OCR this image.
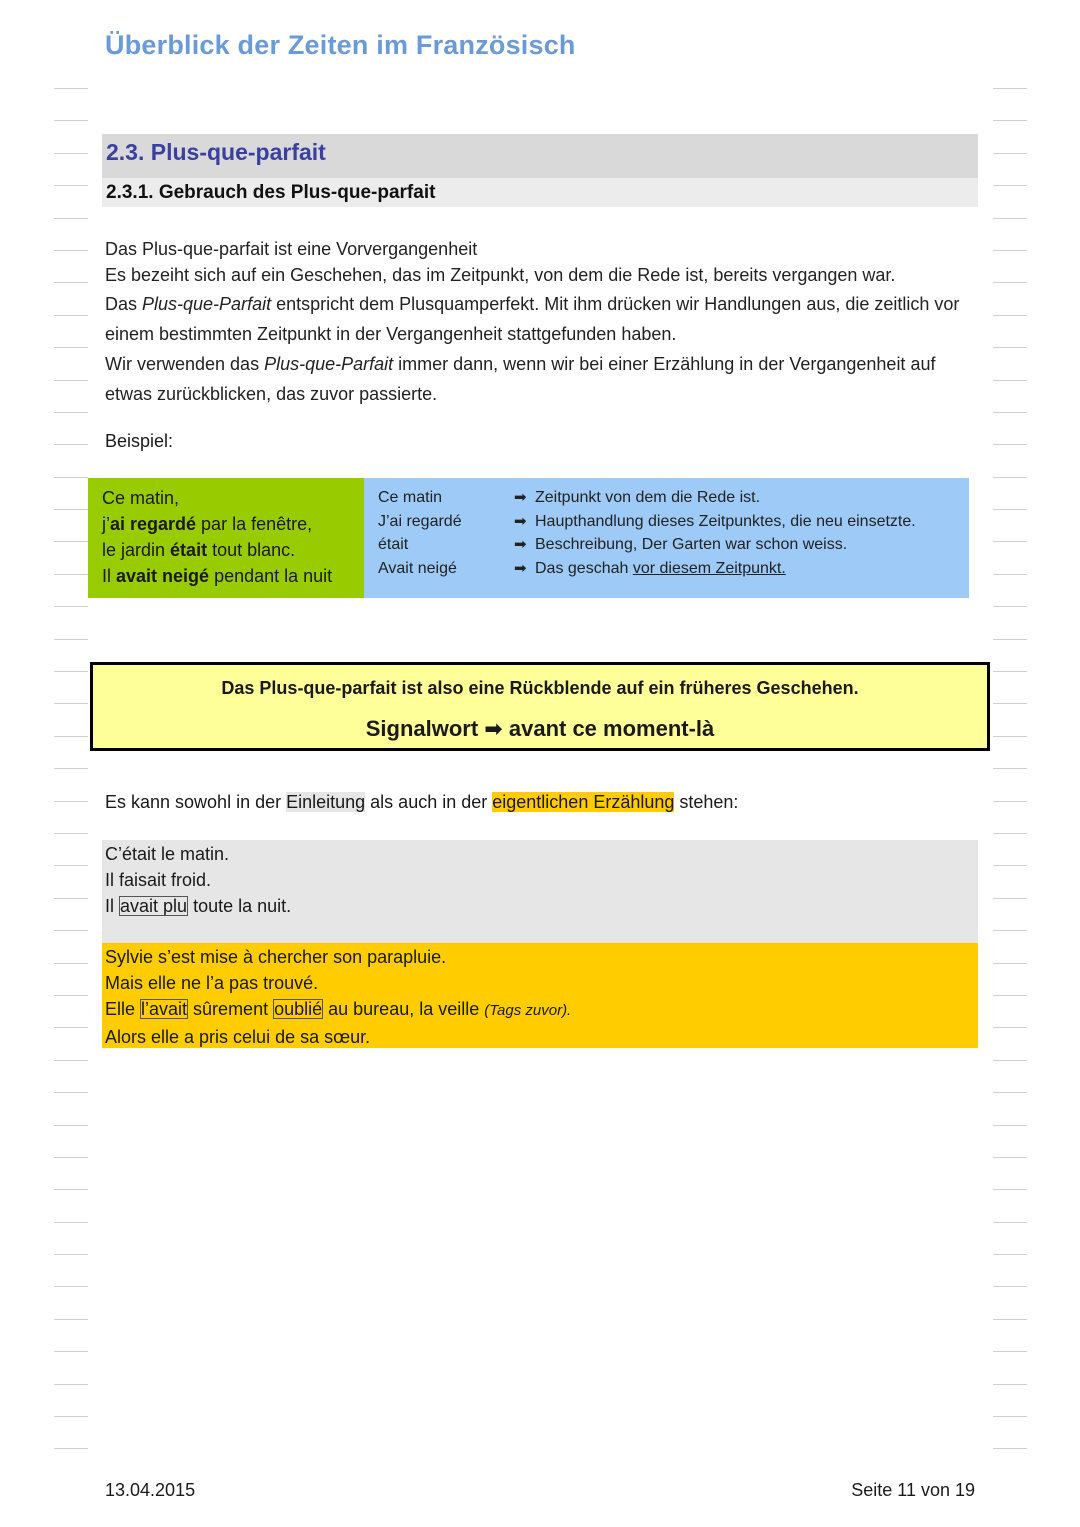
Überblick der Zeiten im Französisch
2.3. Plus-que-parfait
2.3.1. Gebrauch des Plus-que-parfait
Das Plus-que-parfait ist eine Vorvergangenheit
Es bezeiht sich auf ein Geschehen, das im Zeitpunkt, von dem die Rede ist, bereits vergangen war.
Das Plus-que-Parfait entspricht dem Plusquamperfekt. Mit ihm drücken wir Handlungen aus, die zeitlich vor einem bestimmten Zeitpunkt in der Vergangenheit stattgefunden haben.
Wir verwenden das Plus-que-Parfait immer dann, wenn wir bei einer Erzählung in der Vergangenheit auf etwas zurückblicken, das zuvor passierte.
Beispiel:
Ce matin,
j’ai regardé par la fenêtre,
le jardin était tout blanc.
Il avait neigé pendant la nuit
Ce matin
J’ai regardé
était
Avait neigé
➡ Zeitpunkt von dem die Rede ist.
➡ Haupthandlung dieses Zeitpunktes, die neu einsetzte.
➡ Beschreibung, Der Garten war schon weiss.
➡ Das geschah vor diesem Zeitpunkt.
Das Plus-que-parfait ist also eine Rückblende auf ein früheres Geschehen.
Signalwort ➡ avant ce moment-là
Es kann sowohl in der Einleitung als auch in der eigentlichen Erzählung stehen:
C’était le matin.
Il faisait froid.
Il avait plu toute la nuit.
Sylvie s’est mise à chercher son parapluie.
Mais elle ne l’a pas trouvé.
Elle l’avait sûrement oublié au bureau, la veille (Tags zuvor).
Alors elle a pris celui de sa sœur.
13.04.2015	Seite 11 von 19
